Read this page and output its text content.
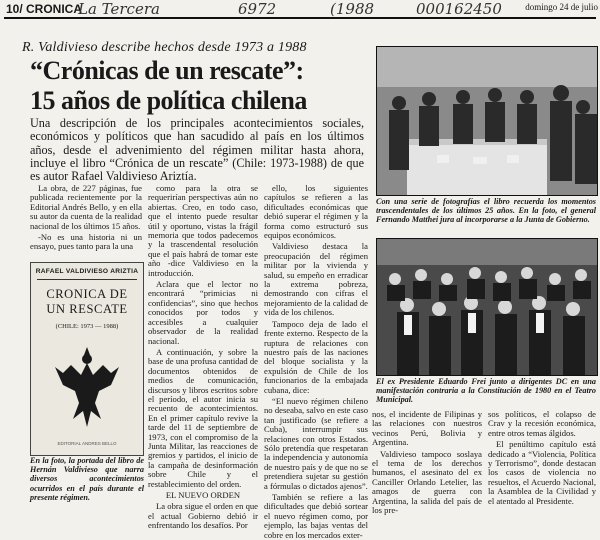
10/ CRONICA
La Tercera	6972	(1988	000162450	domingo 24 de julio
R. Valdivieso describe hechos desde 1973 a 1988
“Crónicas de un rescate”:
15 años de política chilena
Una descripción de los principales acontecimientos sociales, económicos y políticos que han sacudido al país en los últimos años, desde el advenimiento del régimen militar hasta ahora, incluye el libro “Crónica de un rescate” (Chile: 1973-1988) de que es autor Rafael Valdivieso Ariztía.

La obra, de 227 páginas, fue publicada recientemente por la Editorial Andrés Bello, y en ella su autor da cuenta de la realidad nacional de los últimos 15 años.

-No es una historia ni un ensayo, pues tanto para la una

RAFAEL VALDIVIESO ARIZTIA
CRONICA DE
UN RESCATE
(CHILE: 1973 — 1988)
EDITORIAL ANDRES BELLO
En la foto, la portada del libro de Hernán Valdivieso que narra diversos acontecimientos ocurridos en el país durante el presente régimen.

como para la otra se requerirían perspectivas aún no abiertas. Creo, en todo caso, que el intento puede resultar útil y oportuno, vistas la frágil memoria que todos padecemos y la trascendental resolución que el país habrá de tomar este año -dice Valdivieso en la introducción.

Aclara que el lector no encontrará “primicias ni confidencias”, sino que hechos conocidos por todos y accesibles a cualquier observador de la realidad nacional.

A continuación, y sobre la base de una profusa cantidad de documentos obtenidos de medios de comunicación, discursos y libros escritos sobre el período, el autor inicia su recuento de acontecimientos. En el primer capítulo revive la tarde del 11 de septiembre de 1973, con el compromiso de la Junta Militar, las reacciones de gremios y partidos, el inicio de la campaña de desinformación sobre Chile y el restablecimiento del orden.

EL NUEVO ORDEN

La obra sigue el orden en que el actual Gobierno debió ir enfrentando los desafíos. Por

ello, los siguientes capítulos se refieren a las dificultades económicas que debió superar el régimen y la forma como estructuró sus equipos económicos.

Valdivieso destaca la preocupación del régimen militar por la vivienda y salud, su empeño en erradicar la extrema pobreza, demostrando con cifras el mejoramiento de la calidad de vida de los chilenos.

Tampoco deja de lado el frente externo. Respecto de la ruptura de relaciones con nuestro país de las naciones del bloque socialista y la expulsión de Chile de los funcionarios de la embajada cubana, dice:

“El nuevo régimen chileno no deseaba, salvo en este caso tan justificado (se refiere a Cuba), interrumpir sus relaciones con otros Estados. Sólo pretendía que respetaran la independencia y autonomía de nuestro país y de que no se pretendiera sujetar su gestión a fórmulas o dictados ajenos”.

También se refiere a las dificultades que debió sortear el nuevo régimen como, por ejemplo, las bajas ventas del cobre en los mercados exter-

Con una serie de fotografías el libro recuerda los momentos trascendentales de los últimos 25 años. En la foto, el general Fernando Matthei jura al incorporarse a la Junta de Gobierno.
El ex Presidente Eduardo Frei junto a dirigentes DC en una manifestación contraria a la Constitución de 1980 en el Teatro Municipal.

nos, el incidente de Filipinas y las relaciones con nuestros vecinos Perú, Bolivia y Argentina.

Valdivieso tampoco soslaya el tema de los derechos humanos, el asesinato del ex Canciller Orlando Letelier, las amagos de guerra con Argentina, la salida del país de los pre-

sos políticos, el colapso de Crav y la recesión económica, entre otros temas álgidos.

El penúltimo capítulo está dedicado a “Violencia, Política y Terrorismo”, donde destacan los casos de violencia no resueltos, el Acuerdo Nacional, la Asamblea de la Civilidad y el atentado al Presidente.
